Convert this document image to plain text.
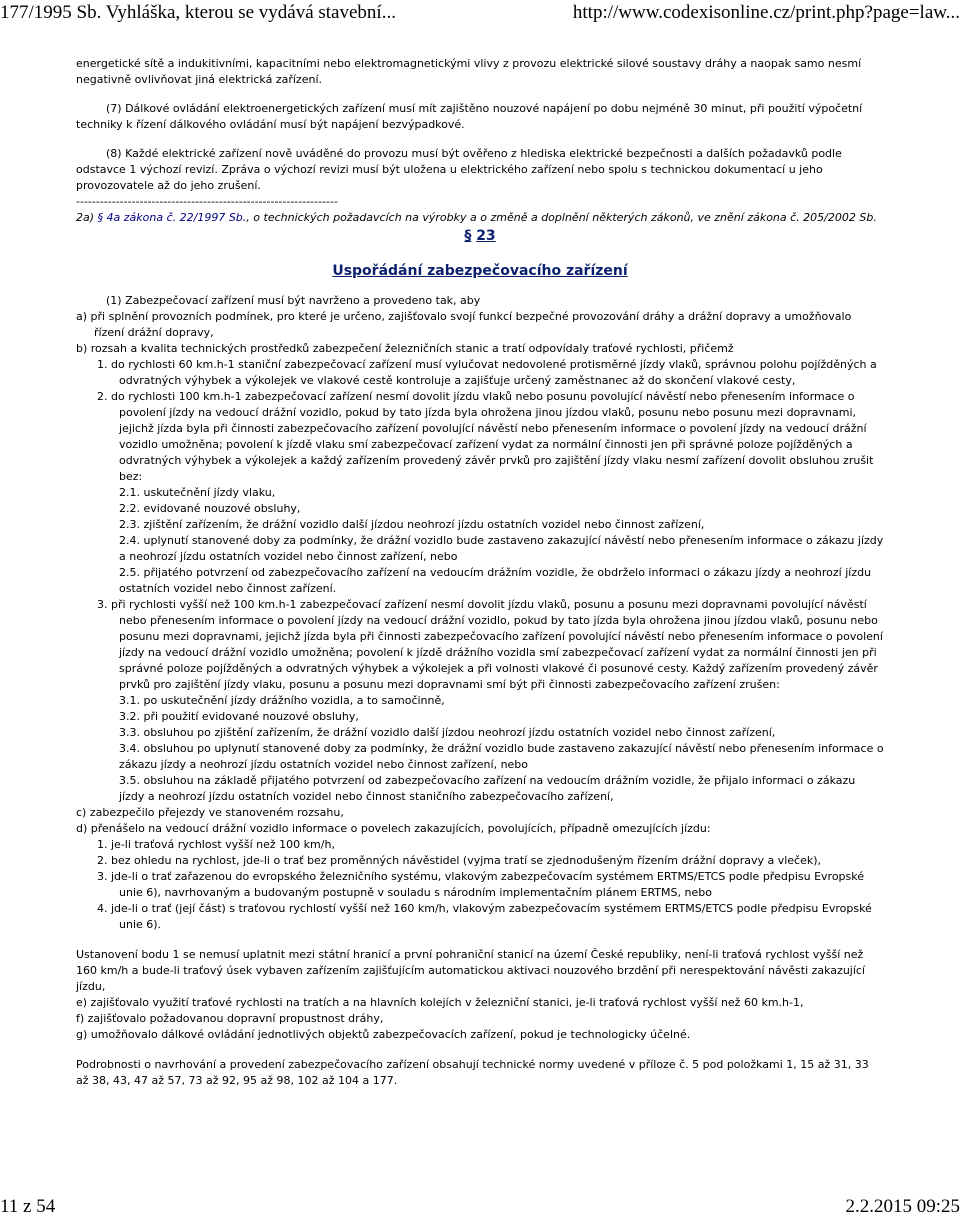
177/1995 Sb. Vyhláška, kterou se vydává stavební...	http://www.codexisonline.cz/print.php?page=law...

energetické sítě a indukitivními, kapacitními nebo elektromagnetickými vlivy z provozu elektrické silové soustavy dráhy a naopak samo nesmí negativně ovlivňovat jiná elektrická zařízení.

(7) Dálkové ovládání elektroenergetických zařízení musí mít zajištěno nouzové napájení po dobu nejméně 30 minut, při použití výpočetní techniky k řízení dálkového ovládání musí být napájení bezvýpadkové.

(8) Každé elektrické zařízení nově uváděné do provozu musí být ověřeno z hlediska elektrické bezpečnosti a dalších požadavků podle odstavce 1 výchozí revizí. Zpráva o výchozí revizi musí být uložena u elektrického zařízení nebo spolu s technickou dokumentací u jeho provozovatele až do jeho zrušení.

------------------------------------------------------------------

2a) § 4a zákona č. 22/1997 Sb., o technických požadavcích na výrobky a o změně a doplnění některých zákonů, ve znění zákona č. 205/2002 Sb.

§ 23
Uspořádání zabezpečovacího zařízení

(1) Zabezpečovací zařízení musí být navrženo a provedeno tak, aby

a) při splnění provozních podmínek, pro které je určeno, zajišťovalo svojí funkcí bezpečné provozování dráhy a drážní dopravy a umožňovalo řízení drážní dopravy,

b) rozsah a kvalita technických prostředků zabezpečení železničních stanic a tratí odpovídaly traťové rychlosti, přičemž

1. do rychlosti 60 km.h-1 staniční zabezpečovací zařízení musí vylučovat nedovolené protisměrné jízdy vlaků, správnou polohu pojížděných a odvratných výhybek a výkolejek ve vlakové cestě kontroluje a zajišťuje určený zaměstnanec až do skončení vlakové cesty,

2. do rychlosti 100 km.h-1 zabezpečovací zařízení nesmí dovolit jízdu vlaků nebo posunu povolující návěstí nebo přenesením informace o povolení jízdy na vedoucí drážní vozidlo, pokud by tato jízda byla ohrožena jinou jízdou vlaků, posunu nebo posunu mezi dopravnami, jejichž jízda byla při činnosti zabezpečovacího zařízení povolující návěstí nebo přenesením informace o povolení jízdy na vedoucí drážní vozidlo umožněna; povolení k jízdě vlaku smí zabezpečovací zařízení vydat za normální činnosti jen při správné poloze pojížděných a odvratných výhybek a výkolejek a každý zařízením provedený závěr prvků pro zajištění jízdy vlaku nesmí zařízení dovolit obsluhou zrušit bez:

2.1. uskutečnění jízdy vlaku,

2.2. evidované nouzové obsluhy,

2.3. zjištění zařízením, že drážní vozidlo další jízdou neohrozí jízdu ostatních vozidel nebo činnost zařízení,

2.4. uplynutí stanovené doby za podmínky, že drážní vozidlo bude zastaveno zakazující návěstí nebo přenesením informace o zákazu jízdy a neohrozí jízdu ostatních vozidel nebo činnost zařízení, nebo

2.5. přijatého potvrzení od zabezpečovacího zařízení na vedoucím drážním vozidle, že obdrželo informaci o zákazu jízdy a neohrozí jízdu ostatních vozidel nebo činnost zařízení.

3. při rychlosti vyšší než 100 km.h-1 zabezpečovací zařízení nesmí dovolit jízdu vlaků, posunu a posunu mezi dopravnami povolující návěstí nebo přenesením informace o povolení jízdy na vedoucí drážní vozidlo, pokud by tato jízda byla ohrožena jinou jízdou vlaků, posunu nebo posunu mezi dopravnami, jejichž jízda byla při činnosti zabezpečovacího zařízení povolující návěstí nebo přenesením informace o povolení jízdy na vedoucí drážní vozidlo umožněna; povolení k jízdě drážního vozidla smí zabezpečovací zařízení vydat za normální činnosti jen při správné poloze pojížděných a odvratných výhybek a výkolejek a při volnosti vlakové či posunové cesty. Každý zařízením provedený závěr prvků pro zajištění jízdy vlaku, posunu a posunu mezi dopravnami smí být při činnosti zabezpečovacího zařízení zrušen:

3.1. po uskutečnění jízdy drážního vozidla, a to samočinně,

3.2. při použití evidované nouzové obsluhy,

3.3. obsluhou po zjištění zařízením, že drážní vozidlo další jízdou neohrozí jízdu ostatních vozidel nebo činnost zařízení,

3.4. obsluhou po uplynutí stanovené doby za podmínky, že drážní vozidlo bude zastaveno zakazující návěstí nebo přenesením informace o zákazu jízdy a neohrozí jízdu ostatních vozidel nebo činnost zařízení, nebo

3.5. obsluhou na základě přijatého potvrzení od zabezpečovacího zařízení na vedoucím drážním vozidle, že přijalo informaci o zákazu jízdy a neohrozí jízdu ostatních vozidel nebo činnost staničního zabezpečovacího zařízení,

c) zabezpečilo přejezdy ve stanoveném rozsahu,

d) přenášelo na vedoucí drážní vozidlo informace o povelech zakazujících, povolujících, případně omezujících jízdu:

1. je-li traťová rychlost vyšší než 100 km/h,

2. bez ohledu na rychlost, jde-li o trať bez proměnných návěstidel (vyjma tratí se zjednodušeným řízením drážní dopravy a vleček),

3. jde-li o trať zařazenou do evropského železničního systému, vlakovým zabezpečovacím systémem ERTMS/ETCS podle předpisu Evropské unie 6), navrhovaným a budovaným postupně v souladu s národním implementačním plánem ERTMS, nebo

4. jde-li o trať (její část) s traťovou rychlostí vyšší než 160 km/h, vlakovým zabezpečovacím systémem ERTMS/ETCS podle předpisu Evropské unie 6).

Ustanovení bodu 1 se nemusí uplatnit mezi státní hranicí a první pohraniční stanicí na území České republiky, není-li traťová rychlost vyšší než 160 km/h a bude-li traťový úsek vybaven zařízením zajišťujícím automatickou aktivaci nouzového brzdění při nerespektování návěsti zakazující jízdu,

e) zajišťovalo využití traťové rychlosti na tratích a na hlavních kolejích v železniční stanici, je-li traťová rychlost vyšší než 60 km.h-1,

f) zajišťovalo požadovanou dopravní propustnost dráhy,

g) umožňovalo dálkové ovládání jednotlivých objektů zabezpečovacích zařízení, pokud je technologicky účelné.

Podrobnosti o navrhování a provedení zabezpečovacího zařízení obsahují technické normy uvedené v příloze č. 5 pod položkami 1, 15 až 31, 33 až 38, 43, 47 až 57, 73 až 92, 95 až 98, 102 až 104 a 177.

11 z 54	2.2.2015 09:25
